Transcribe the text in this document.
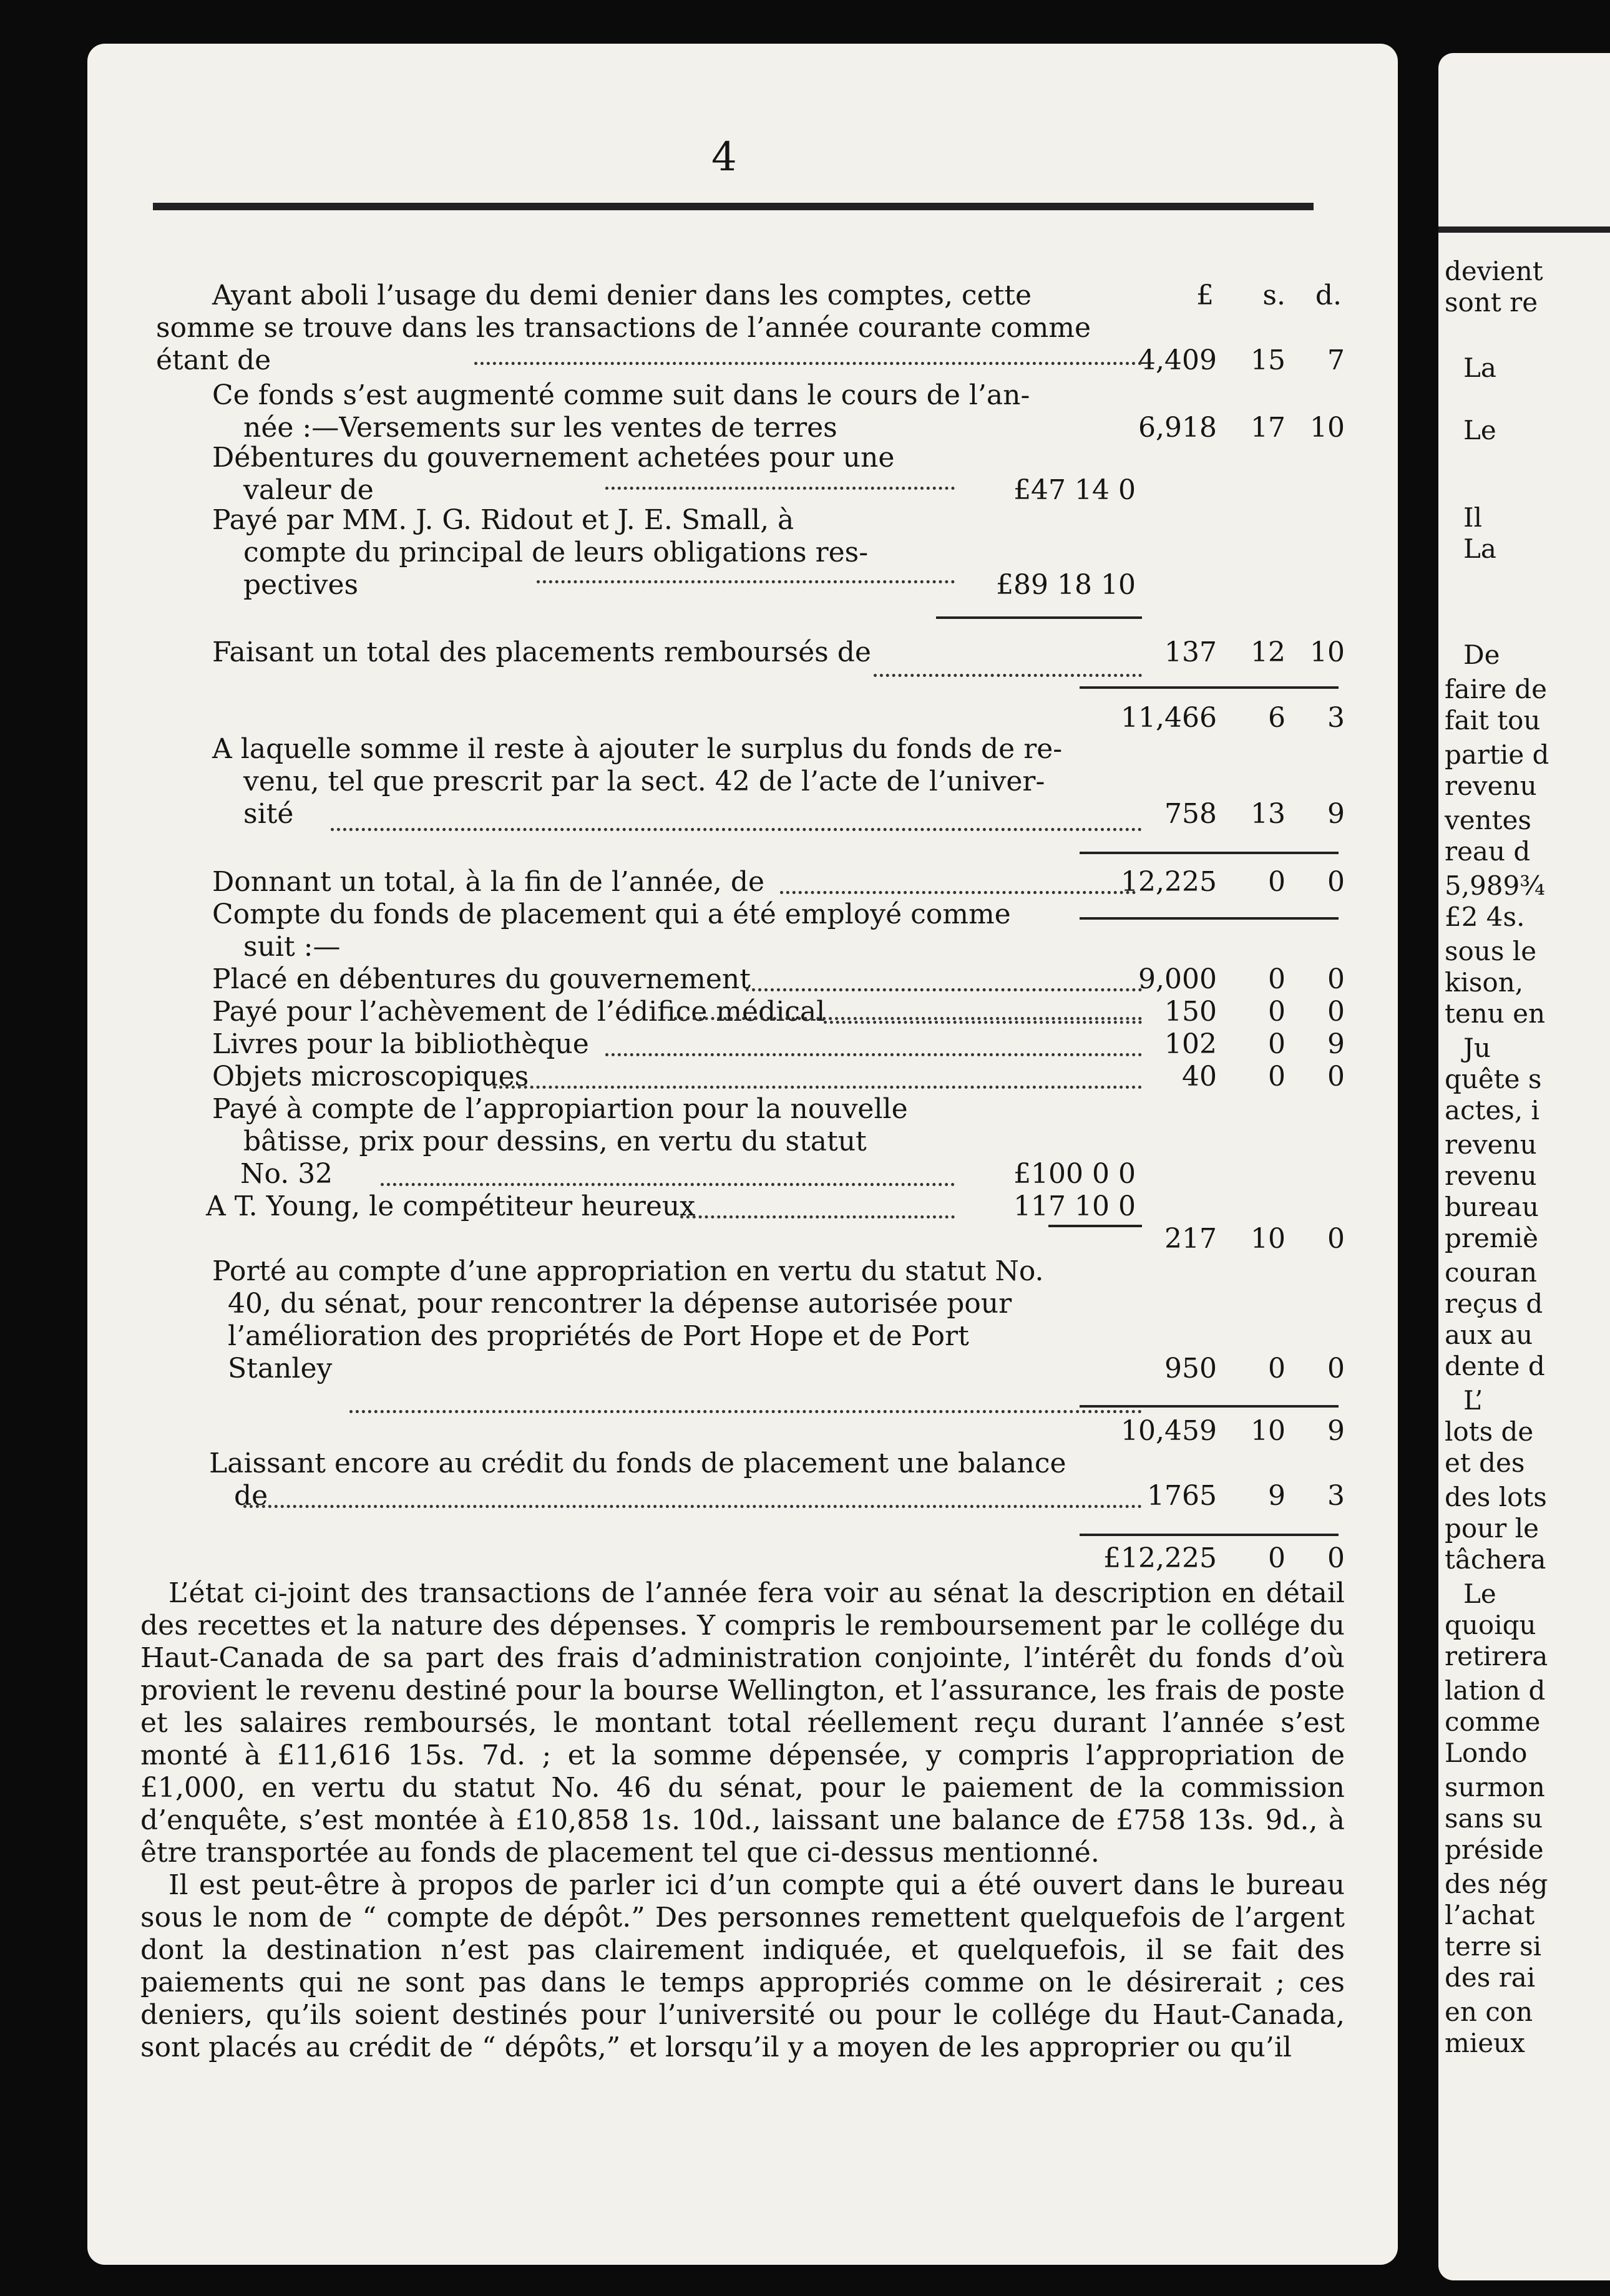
4
£	s.	d.
Ayant aboli l’usage du demi denier dans les comptes, cette
somme se trouve dans les transactions de l’année courante comme
étant de	4,409 15	7
Ce fonds s’est augmenté comme suit dans le cours de l’an-
née :—Versements sur les ventes de terres	6,918 17 10
Débentures du gouvernement achetées pour une
valeur de	£47 14 0
Payé par MM. J. G. Ridout et J. E. Small, à
compte du principal de leurs obligations res-
pectives	£89 18 10
Faisant un total des placements remboursés de	137 12 10
11,466	6	3
A laquelle somme il reste à ajouter le surplus du fonds de re-
venu, tel que prescrit par la sect. 42 de l’acte de l’univer-
sité	758 13	9
Donnant un total, à la fin de l’année, de	12,225	0	0
Compte du fonds de placement qui a été employé comme
suit :—
Placé en débentures du gouvernement	9,000	0	0
Payé pour l’achèvement de l’édifice médical	150	0	0
Livres pour la bibliothèque	102	0	9
Objets microscopiques	40	0	0
Payé à compte de l’appropiartion pour la nouvelle
bâtisse, prix pour dessins, en vertu du statut
No. 32	£100 0 0
A T. Young, le compétiteur heureux	117 10 0
217 10	0
Porté au compte d’une appropriation en vertu du statut No.
40, du sénat, pour rencontrer la dépense autorisée pour
l’amélioration des propriétés de Port Hope et de Port
Stanley	950	0	0
10,459 10	9
Laissant encore au crédit du fonds de placement une balance
de	1765	9	3
£12,225	0	0

L’état ci-joint des transactions de l’année fera voir au sénat la description en détail des recettes et la nature des dépenses. Y compris le remboursement par le collége du Haut-Canada de sa part des frais d’administration conjointe, l’intérêt du fonds d’où provient le revenu destiné pour la bourse Wellington, et l’assurance, les frais de poste et les salaires remboursés, le montant total réellement reçu durant l’année s’est monté à £11,616 15s. 7d. ; et la somme dépensée, y compris l’appropriation de £1,000, en vertu du statut No. 46 du sénat, pour le paiement de la commission d’enquête, s’est montée à £10,858 1s. 10d., laissant une balance de £758 13s. 9d., à être transportée au fonds de placement tel que ci-dessus mentionné.

Il est peut-être à propos de parler ici d’un compte qui a été ouvert dans le bureau sous le nom de “ compte de dépôt.” Des personnes remettent quelquefois de l’argent dont la destination n’est pas clairement indiquée, et quelquefois, il se fait des paiements qui ne sont pas dans le temps appropriés comme on le désirerait ; ces deniers, qu’ils soient destinés pour l’université ou pour le collége du Haut-Canada, sont placés au crédit de “ dépôts,” et lorsqu’il y a moyen de les approprier ou qu’il

devient
sont re
La
Le
Il
La
De
faire de
fait tou
partie d
revenu
ventes
reau d
5,989¾
£2 4s.
sous le
kison,
tenu en
Ju
quête s
actes, i
revenu
revenu
bureau
premiè
couran
reçus d
aux au
dente d
L’
lots de
et des
des lots
pour le
tâchera
Le
quoiqu
retirera
lation d
comme
Londo
surmon
sans su
préside
des nég
l’achat
terre si
des rai
en con
mieux
